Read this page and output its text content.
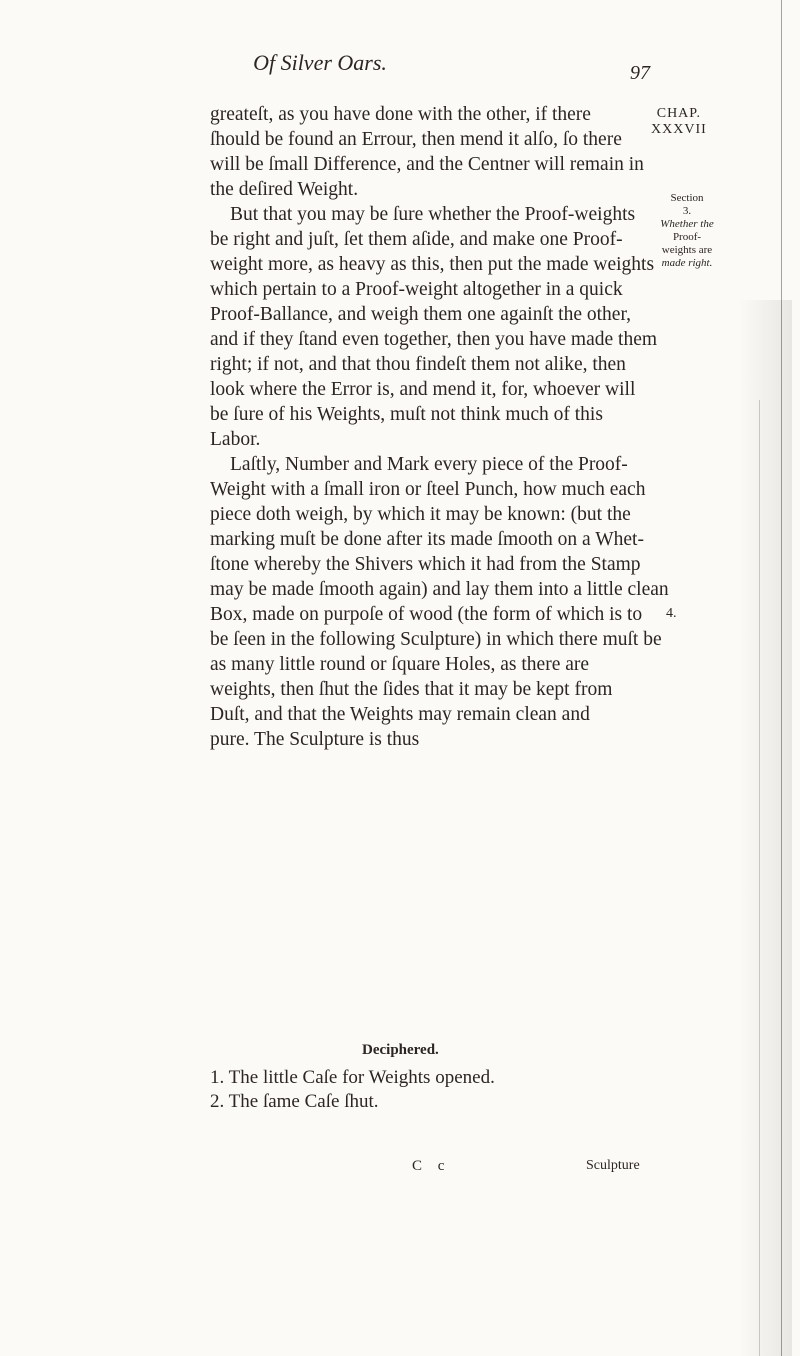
Of Silver Oars.	97
CHAP.
XXXVII
Section
3.
Whether the
Proof-
weights are
made right.
4.
greateſt, as you have done with the other, if there
ſhould be found an Errour, then mend it alſo, ſo there
will be ſmall Difference, and the Centner will remain in
the deſired Weight.
But that you may be ſure whether the Proof-weights
be right and juſt, ſet them aſide, and make one Proof-
weight more, as heavy as this, then put the made weights
which pertain to a Proof-weight altogether in a quick
Proof-Ballance, and weigh them one againſt the other,
and if they ſtand even together, then you have made them
right; if not, and that thou findeſt them not alike, then
look where the Error is, and mend it, for, whoever will
be ſure of his Weights, muſt not think much of this
Labor.
Laſtly, Number and Mark every piece of the Proof-
Weight with a ſmall iron or ſteel Punch, how much each
piece doth weigh, by which it may be known: (but the
marking muſt be done after its made ſmooth on a Whet-
ſtone whereby the Shivers which it had from the Stamp
may be made ſmooth again) and lay them into a little clean
Box, made on purpoſe of wood (the form of which is to
be ſeen in the following Sculpture) in which there muſt be
as many little round or ſquare Holes, as there are
weights, then ſhut the ſides that it may be kept from
Duſt, and that the Weights may remain clean and
pure. The Sculpture is thus
Deciphered.
1. The little Caſe for Weights opened.
2. The ſame Caſe ſhut.
C c	Sculpture
